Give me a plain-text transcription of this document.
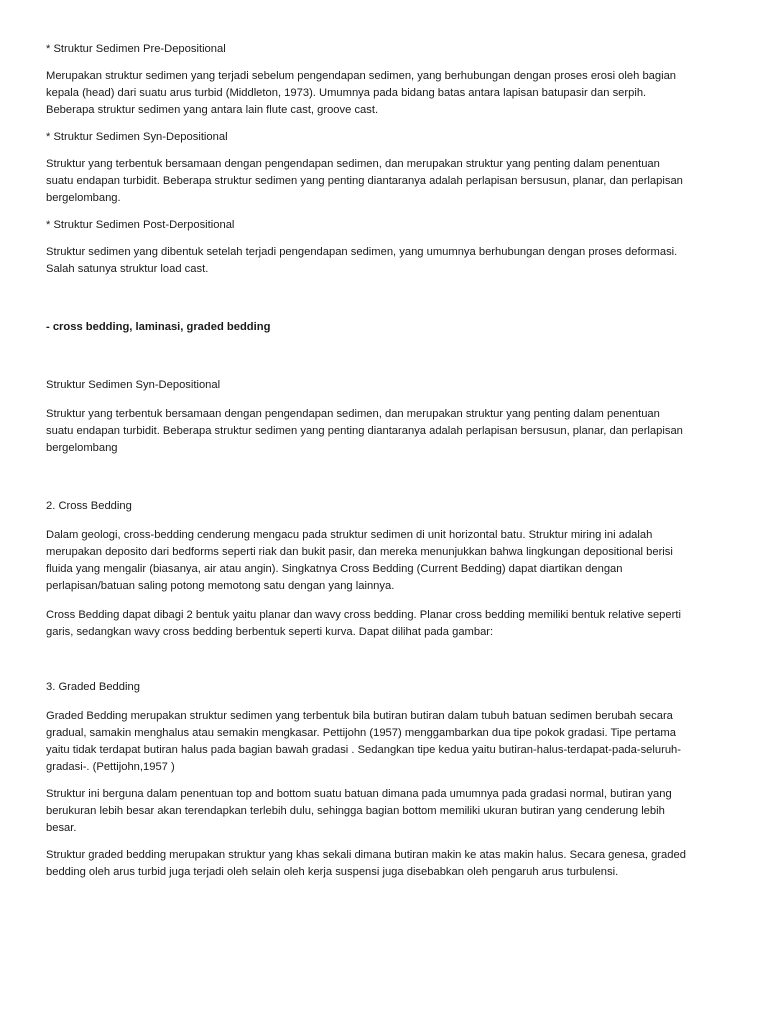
* Struktur Sedimen Pre-Depositional

Merupakan struktur sedimen yang terjadi sebelum pengendapan sedimen, yang berhubungan dengan proses erosi oleh bagian
kepala (head) dari suatu arus turbid (Middleton, 1973). Umumnya pada bidang batas antara lapisan batupasir dan serpih.
Beberapa struktur sedimen yang antara lain flute cast, groove cast.

* Struktur Sedimen Syn-Depositional

Struktur yang terbentuk bersamaan dengan pengendapan sedimen, dan merupakan struktur yang penting dalam penentuan
suatu endapan turbidit. Beberapa struktur sedimen yang penting diantaranya adalah perlapisan bersusun, planar, dan perlapisan
bergelombang.

* Struktur Sedimen Post-Derpositional

Struktur sedimen yang dibentuk setelah terjadi pengendapan sedimen, yang umumnya berhubungan dengan proses deformasi.
Salah satunya struktur load cast.

- cross bedding, laminasi, graded bedding

Struktur Sedimen Syn-Depositional

Struktur yang terbentuk bersamaan dengan pengendapan sedimen, dan merupakan struktur yang penting dalam penentuan
suatu endapan turbidit. Beberapa struktur sedimen yang penting diantaranya adalah perlapisan bersusun, planar, dan perlapisan
bergelombang

2. Cross Bedding

Dalam geologi, cross-bedding cenderung mengacu pada struktur sedimen di unit horizontal batu. Struktur miring ini adalah
merupakan deposito dari bedforms seperti riak dan bukit pasir, dan mereka menunjukkan bahwa lingkungan depositional berisi
fluida yang mengalir (biasanya, air atau angin). Singkatnya Cross Bedding (Current Bedding) dapat diartikan dengan
perlapisan/batuan saling potong memotong satu dengan yang lainnya.

Cross Bedding dapat dibagi 2 bentuk yaitu planar dan wavy cross bedding. Planar cross bedding memiliki bentuk relative seperti
garis, sedangkan wavy cross bedding berbentuk seperti kurva. Dapat dilihat pada gambar:

3. Graded Bedding

Graded Bedding merupakan struktur sedimen yang terbentuk bila butiran butiran dalam tubuh batuan sedimen berubah secara
gradual, samakin menghalus atau semakin mengkasar. Pettijohn (1957) menggambarkan dua tipe pokok gradasi. Tipe pertama
yaitu tidak terdapat butiran halus pada bagian bawah gradasi . Sedangkan tipe kedua yaitu butiran-halus-terdapat-pada-seluruh-
gradasi-. (Pettijohn,1957 )

Struktur ini berguna dalam penentuan top and bottom suatu batuan dimana pada umumnya pada gradasi normal, butiran yang
berukuran lebih besar akan terendapkan terlebih dulu, sehingga bagian bottom memiliki ukuran butiran yang cenderung lebih
besar.

Struktur graded bedding merupakan struktur yang khas sekali dimana butiran makin ke atas makin halus. Secara genesa, graded
bedding oleh arus turbid juga terjadi oleh selain oleh kerja suspensi juga disebabkan oleh pengaruh arus turbulensi.
